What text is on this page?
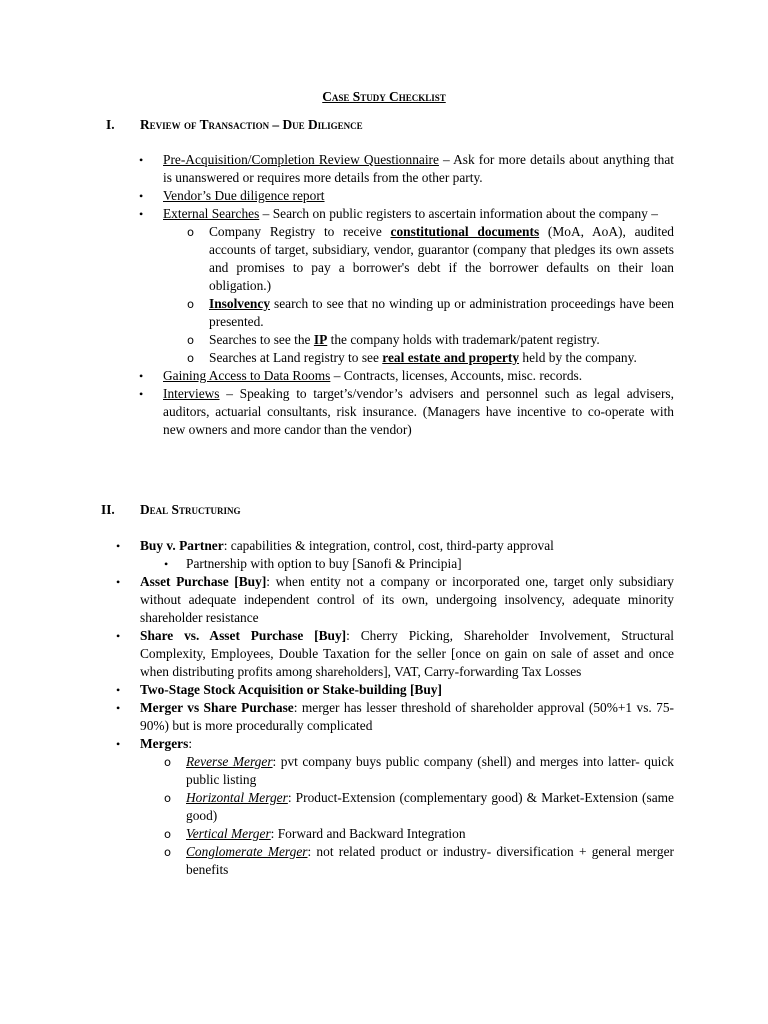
Case Study Checklist
I. Review of Transaction – Due Diligence
• Pre-Acquisition/Completion Review Questionnaire – Ask for more details about anything that is unanswered or requires more details from the other party.
• Vendor’s Due diligence report
• External Searches – Search on public registers to ascertain information about the company –
o Company Registry to receive constitutional documents (MoA, AoA), audited accounts of target, subsidiary, vendor, guarantor (company that pledges its own assets and promises to pay a borrower's debt if the borrower defaults on their loan obligation.)
o Insolvency search to see that no winding up or administration proceedings have been presented.
o Searches to see the IP the company holds with trademark/patent registry.
o Searches at Land registry to see real estate and property held by the company.
• Gaining Access to Data Rooms – Contracts, licenses, Accounts, misc. records.
• Interviews – Speaking to target’s/vendor’s advisers and personnel such as legal advisers, auditors, actuarial consultants, risk insurance. (Managers have incentive to co-operate with new owners and more candor than the vendor)
II. Deal Structuring
• Buy v. Partner: capabilities & integration, control, cost, third-party approval
• Partnership with option to buy [Sanofi & Principia]
• Asset Purchase [Buy]: when entity not a company or incorporated one, target only subsidiary without adequate independent control of its own, undergoing insolvency, adequate minority shareholder resistance
• Share vs. Asset Purchase [Buy]: Cherry Picking, Shareholder Involvement, Structural Complexity, Employees, Double Taxation for the seller [once on gain on sale of asset and once when distributing profits among shareholders], VAT, Carry-forwarding Tax Losses
• Two-Stage Stock Acquisition or Stake-building [Buy]
• Merger vs Share Purchase: merger has lesser threshold of shareholder approval (50%+1 vs. 75-90%) but is more procedurally complicated
• Mergers:
o Reverse Merger: pvt company buys public company (shell) and merges into latter- quick public listing
o Horizontal Merger: Product-Extension (complementary good) & Market-Extension (same good)
o Vertical Merger: Forward and Backward Integration
o Conglomerate Merger: not related product or industry- diversification + general merger benefits
